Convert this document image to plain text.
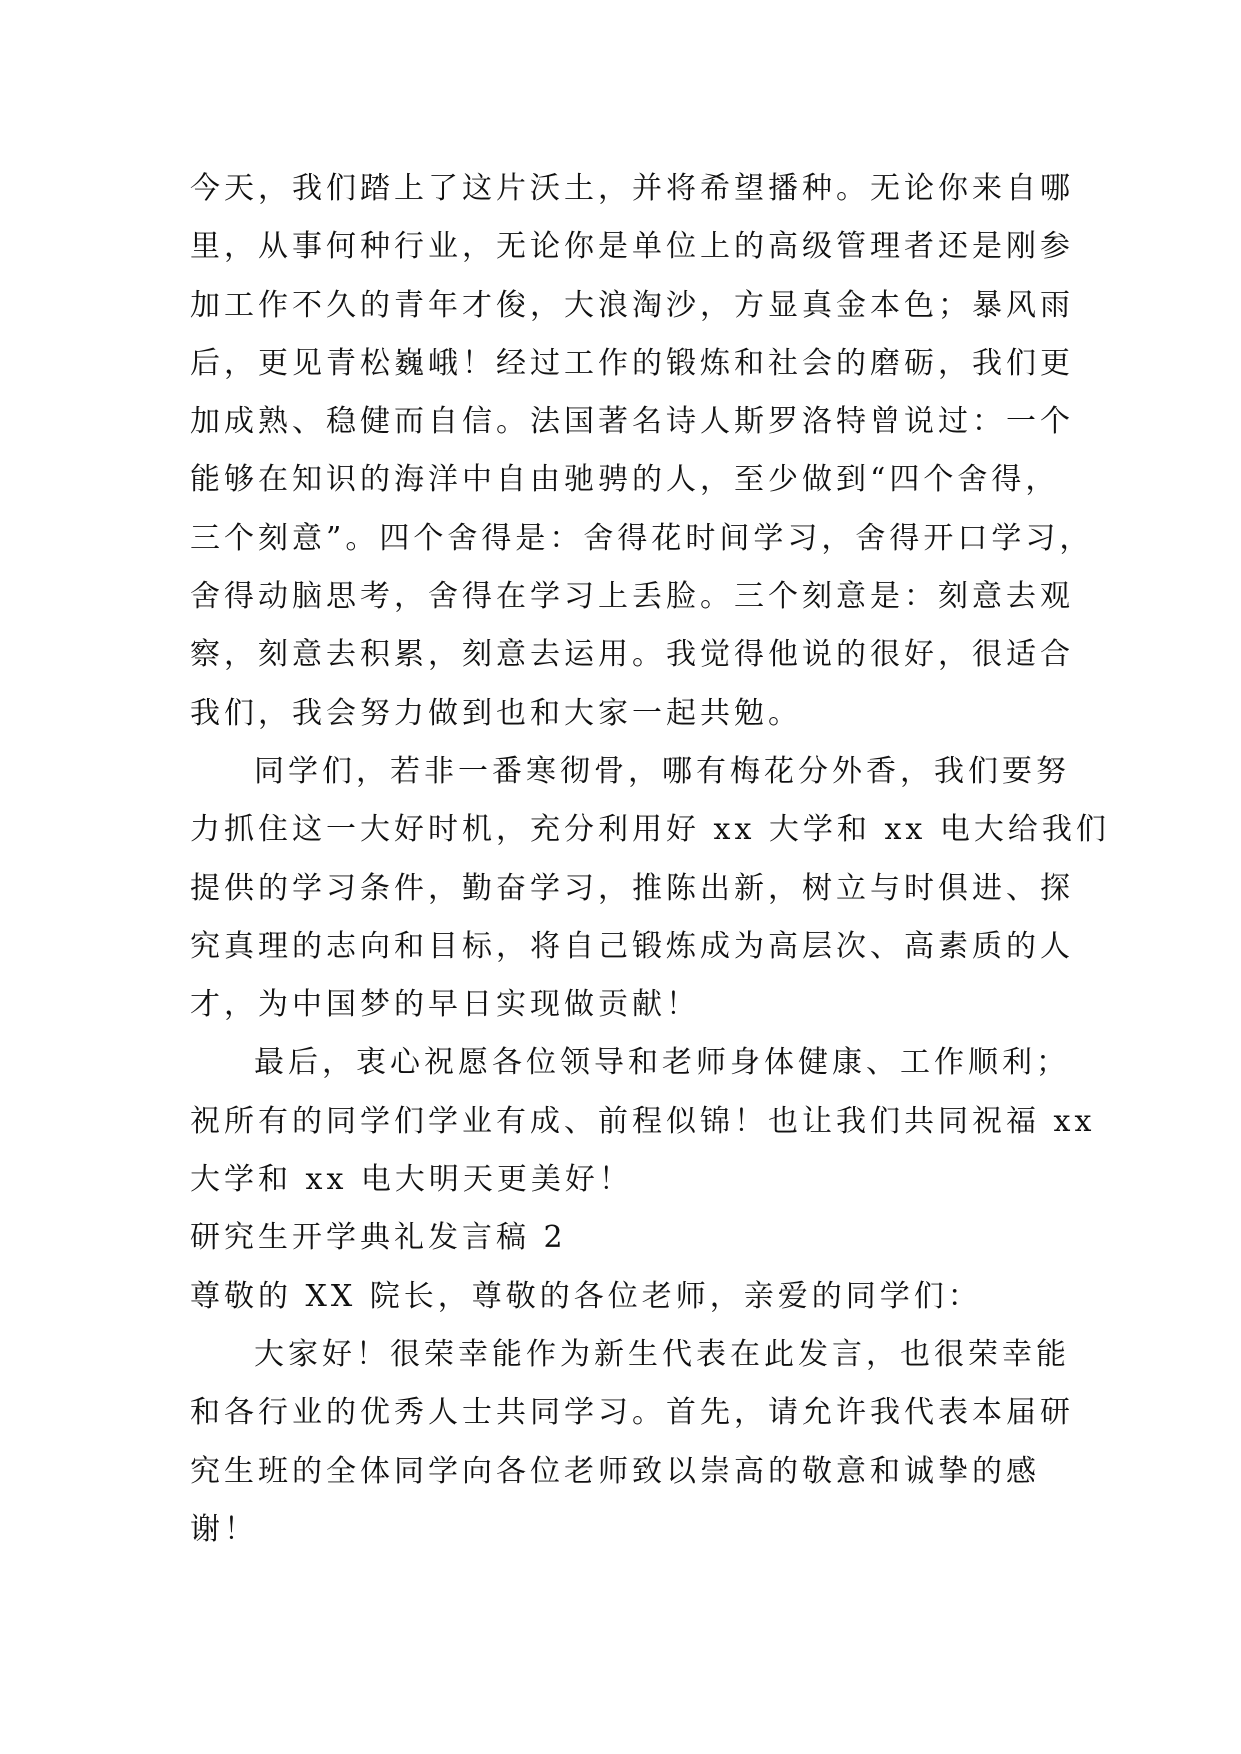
今天，我们踏上了这片沃土，并将希望播种。无论你来自哪
里，从事何种行业，无论你是单位上的高级管理者还是刚参
加工作不久的青年才俊，大浪淘沙，方显真金本色；暴风雨
后，更见青松巍峨！经过工作的锻炼和社会的磨砺，我们更
加成熟、稳健而自信。法国著名诗人斯罗洛特曾说过：一个
能够在知识的海洋中自由驰骋的人，至少做到“四个舍得，
三个刻意”。四个舍得是：舍得花时间学习，舍得开口学习，
舍得动脑思考，舍得在学习上丢脸。三个刻意是：刻意去观
察，刻意去积累，刻意去运用。我觉得他说的很好，很适合
我们，我会努力做到也和大家一起共勉。
同学们，若非一番寒彻骨，哪有梅花分外香，我们要努
力抓住这一大好时机，充分利用好 xx 大学和 xx 电大给我们
提供的学习条件，勤奋学习，推陈出新，树立与时俱进、探
究真理的志向和目标，将自己锻炼成为高层次、高素质的人
才，为中国梦的早日实现做贡献！
最后，衷心祝愿各位领导和老师身体健康、工作顺利；
祝所有的同学们学业有成、前程似锦！也让我们共同祝福 xx
大学和 xx 电大明天更美好！
研究生开学典礼发言稿 2
尊敬的 XX 院长，尊敬的各位老师，亲爱的同学们：
大家好！很荣幸能作为新生代表在此发言，也很荣幸能
和各行业的优秀人士共同学习。首先，请允许我代表本届研
究生班的全体同学向各位老师致以崇高的敬意和诚挚的感
谢！
